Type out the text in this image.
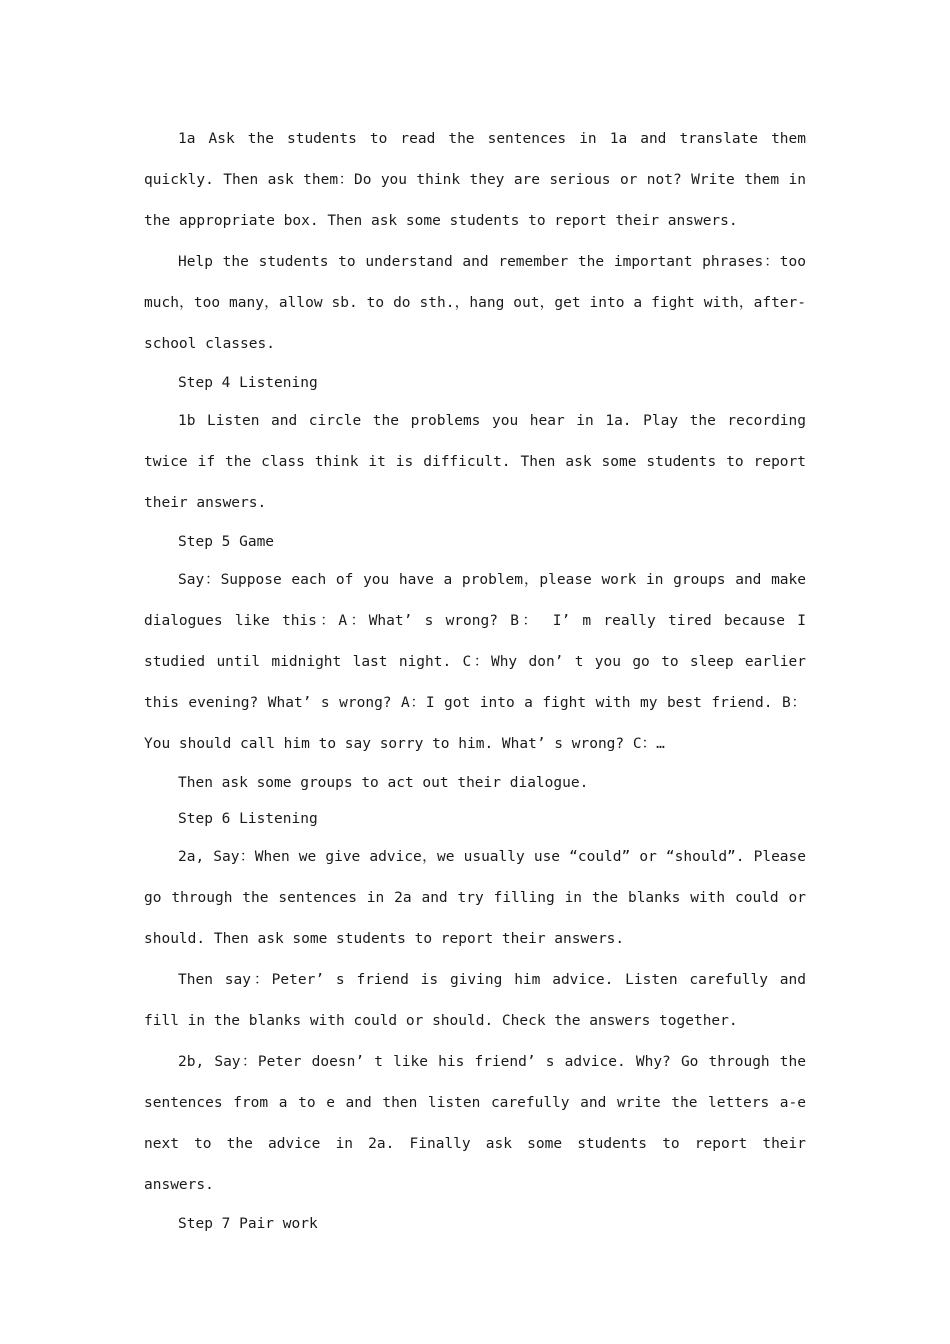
1a Ask the students to read the sentences in 1a and translate them quickly. Then ask them：Do you think they are serious or not? Write them in the appropriate box. Then ask some students to report their answers.

Help the students to understand and remember the important phrases：too much，too many，allow sb. to do sth.，hang out，get into a fight with，after-school classes.

Step 4 Listening

1b Listen and circle the problems you hear in 1a. Play the recording twice if the class think it is difficult. Then ask some students to report their answers.

Step 5 Game

Say：Suppose each of you have a problem，please work in groups and make dialogues like this：A：What’ s wrong? B： I’ m really tired because I studied until midnight last night. C：Why don’ t you go to sleep earlier this evening? What’ s wrong? A：I got into a fight with my best friend. B：You should call him to say sorry to him. What’ s wrong? C：…

Then ask some groups to act out their dialogue.

Step 6 Listening

2a, Say：When we give advice，we usually use “could” or “should”. Please go through the sentences in 2a and try filling in the blanks with could or should. Then ask some students to report their answers.

Then say：Peter’ s friend is giving him advice. Listen carefully and fill in the blanks with could or should. Check the answers together.

2b, Say：Peter doesn’ t like his friend’ s advice. Why? Go through the sentences from a to e and then listen carefully and write the letters a-e next to the advice in 2a. Finally ask some students to report their answers.

Step 7 Pair work
